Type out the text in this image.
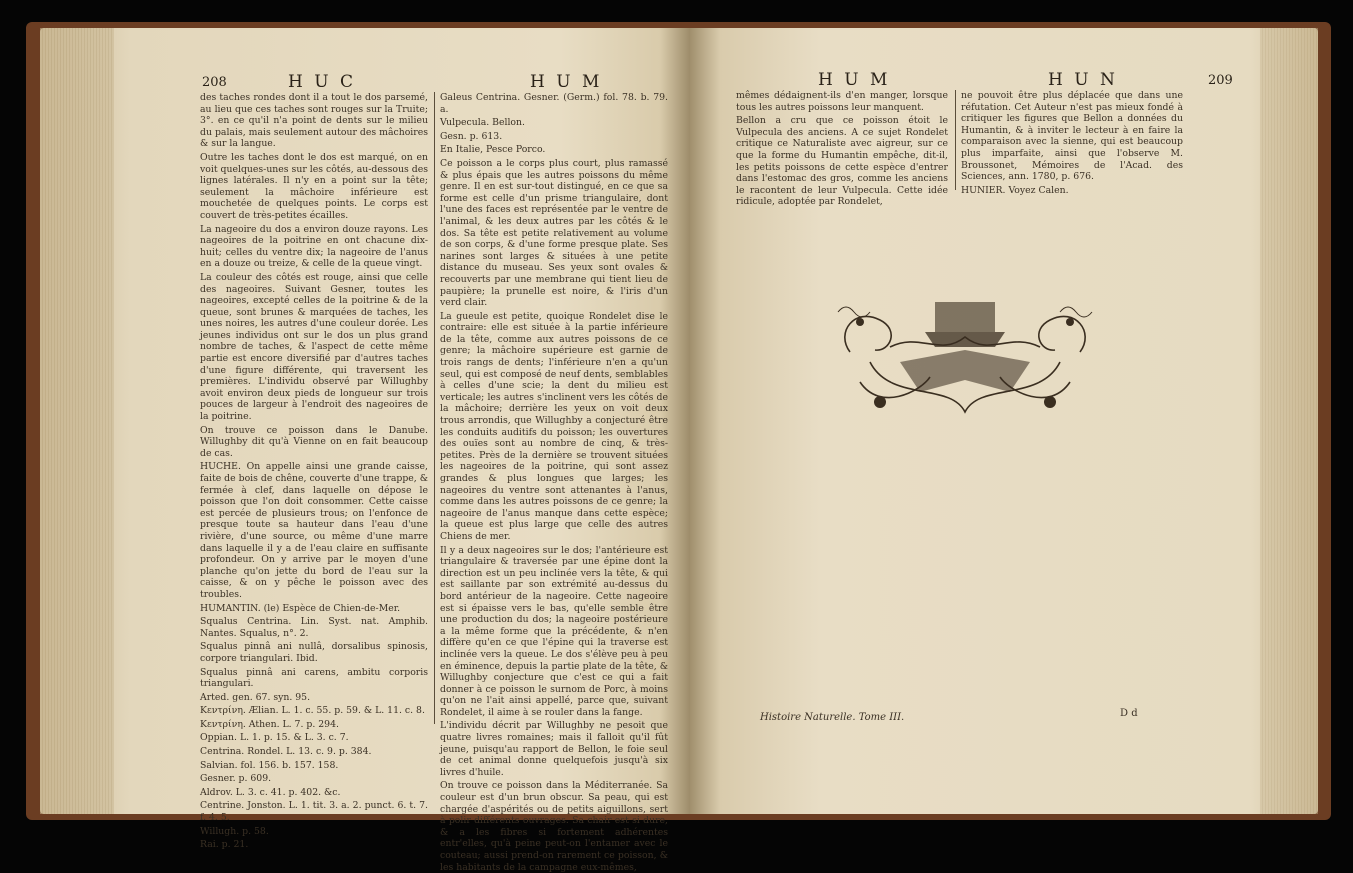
208	H U C	H U M

des taches rondes dont il a tout le dos parsemé, au lieu que ces taches sont rouges sur la Truite; 3°. en ce qu'il n'a point de dents sur le milieu du palais, mais seulement autour des mâchoires & sur la langue.

Outre les taches dont le dos est marqué, on en voit quelques-unes sur les côtés, au-dessous des lignes latérales. Il n'y en a point sur la tête; seulement la mâchoire inférieure est mouchetée de quelques points. Le corps est couvert de très-petites écailles.

La nageoire du dos a environ douze rayons. Les nageoires de la poitrine en ont chacune dix-huit; celles du ventre dix; la nageoire de l'anus en a douze ou treize, & celle de la queue vingt.

La couleur des côtés est rouge, ainsi que celle des nageoires. Suivant Gesner, toutes les nageoires, excepté celles de la poitrine & de la queue, sont brunes & marquées de taches, les unes noires, les autres d'une couleur dorée. Les jeunes individus ont sur le dos un plus grand nombre de taches, & l'aspect de cette même partie est encore diversifié par d'autres taches d'une figure différente, qui traversent les premières. L'individu observé par Willughby avoit environ deux pieds de longueur sur trois pouces de largeur à l'endroit des nageoires de la poitrine.

On trouve ce poisson dans le Danube. Willughby dit qu'à Vienne on en fait beaucoup de cas.

HUCHE. On appelle ainsi une grande caisse, faite de bois de chêne, couverte d'une trappe, & fermée à clef, dans laquelle on dépose le poisson que l'on doit consommer. Cette caisse est percée de plusieurs trous; on l'enfonce de presque toute sa hauteur dans l'eau d'une rivière, d'une source, ou même d'une marre dans laquelle il y a de l'eau claire en suffisante profondeur. On y arrive par le moyen d'une planche qu'on jette du bord de l'eau sur la caisse, & on y pêche le poisson avec des troubles.

HUMANTIN. (le) Espèce de Chien-de-Mer.

Squalus Centrina. Lin. Syst. nat. Amphib. Nantes. Squalus, n°. 2.

Squalus pinnâ ani nullâ, dorsalibus spinosis, corpore triangulari. Ibid.

Squalus pinnâ ani carens, ambitu corporis triangulari.

Arted. gen. 67. syn. 95.

Κεντρίνη. Ælian. L. 1. c. 55. p. 59. & L. 11. c. 8.

Κεντρίνη. Athen. L. 7. p. 294.

Oppian. L. 1. p. 15. & L. 3. c. 7.

Centrina. Rondel. L. 13. c. 9. p. 384.

Salvian. fol. 156. b. 157. 158.

Gesner. p. 609.

Aldrov. L. 3. c. 41. p. 402. &c.

Centrine. Jonston. L. 1. tit. 3. a. 2. punct. 6. t. 7. f. 4. 5.

Willugh. p. 58.

Rai. p. 21.

Galeus Centrina. Gesner. (Germ.) fol. 78. b. 79. a.

Vulpecula. Bellon.

Gesn. p. 613.

En Italie, Pesce Porco.

Ce poisson a le corps plus court, plus ramassé & plus épais que les autres poissons du même genre. Il en est sur-tout distingué, en ce que sa forme est celle d'un prisme triangulaire, dont l'une des faces est représentée par le ventre de l'animal, & les deux autres par les côtés & le dos. Sa tête est petite relativement au volume de son corps, & d'une forme presque plate. Ses narines sont larges & situées à une petite distance du museau. Ses yeux sont ovales & recouverts par une membrane qui tient lieu de paupière; la prunelle est noire, & l'iris d'un verd clair.

La gueule est petite, quoique Rondelet dise le contraire: elle est située à la partie inférieure de la tête, comme aux autres poissons de ce genre; la mâchoire supérieure est garnie de trois rangs de dents; l'inférieure n'en a qu'un seul, qui est composé de neuf dents, semblables à celles d'une scie; la dent du milieu est verticale; les autres s'inclinent vers les côtés de la mâchoire; derrière les yeux on voit deux trous arrondis, que Willughby a conjecturé être les conduits auditifs du poisson; les ouvertures des ouïes sont au nombre de cinq, & très-petites. Près de la dernière se trouvent situées les nageoires de la poitrine, qui sont assez grandes & plus longues que larges; les nageoires du ventre sont attenantes à l'anus, comme dans les autres poissons de ce genre; la nageoire de l'anus manque dans cette espèce; la queue est plus large que celle des autres Chiens de mer.

Il y a deux nageoires sur le dos; l'antérieure est triangulaire & traversée par une épine dont la direction est un peu inclinée vers la tête, & qui est saillante par son extrémité au-dessus du bord antérieur de la nageoire. Cette nageoire est si épaisse vers le bas, qu'elle semble être une production du dos; la nageoire postérieure a la même forme que la précédente, & n'en diffère qu'en ce que l'épine qui la traverse est inclinée vers la queue. Le dos s'élève peu à peu en éminence, depuis la partie plate de la tête, & Willughby conjecture que c'est ce qui a fait donner à ce poisson le surnom de Porc, à moins qu'on ne l'ait ainsi appellé, parce que, suivant Rondelet, il aime à se rouler dans la fange.

L'individu décrit par Willughby ne pesoit que quatre livres romaines; mais il falloit qu'il fût jeune, puisqu'au rapport de Bellon, le foie seul de cet animal donne quelquefois jusqu'à six livres d'huile.

On trouve ce poisson dans la Méditerranée. Sa couleur est d'un brun obscur. Sa peau, qui est chargée d'aspérités ou de petits aiguillons, sert à polir différents ouvrages. Sa chair est si dure, & a les fibres si fortement adhérentes entr'elles, qu'à peine peut-on l'entamer avec le couteau; aussi prend-on rarement ce poisson, & les habitants de la campagne eux-mêmes,

H U M	H U N	209

mêmes dédaignent-ils d'en manger, lorsque tous les autres poissons leur manquent.

Bellon a cru que ce poisson étoit le Vulpecula des anciens. A ce sujet Rondelet critique ce Naturaliste avec aigreur, sur ce que la forme du Humantin empêche, dit-il, les petits poissons de cette espèce d'entrer dans l'estomac des gros, comme les anciens le racontent de leur Vulpecula. Cette idée ridicule, adoptée par Rondelet,

ne pouvoit être plus déplacée que dans une réfutation. Cet Auteur n'est pas mieux fondé à critiquer les figures que Bellon a données du Humantin, & à inviter le lecteur à en faire la comparaison avec la sienne, qui est beaucoup plus imparfaite, ainsi que l'observe M. Broussonet, Mémoires de l'Acad. des Sciences, ann. 1780, p. 676.

HUNIER. Voyez Calen.

Histoire Naturelle. Tome III.	D d
